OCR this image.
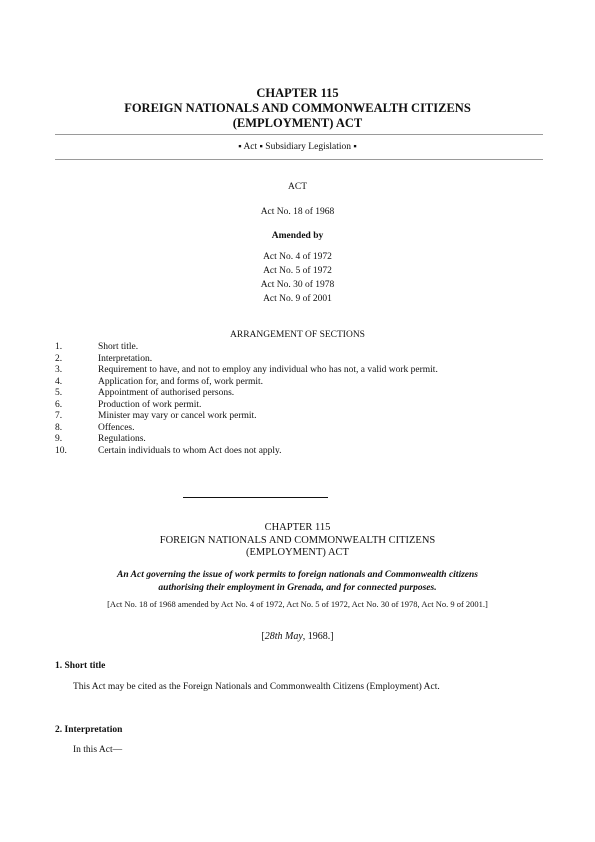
CHAPTER 115
FOREIGN NATIONALS AND COMMONWEALTH CITIZENS
(EMPLOYMENT) ACT
▪ Act ▪ Subsidiary Legislation ▪
ACT
Act No. 18 of 1968
Amended by
Act No. 4 of 1972
Act No. 5 of 1972
Act No. 30 of 1978
Act No. 9 of 2001
ARRANGEMENT OF SECTIONS
1.	Short title.
2.	Interpretation.
3.	Requirement to have, and not to employ any individual who has not, a valid work permit.
4.	Application for, and forms of, work permit.
5.	Appointment of authorised persons.
6.	Production of work permit.
7.	Minister may vary or cancel work permit.
8.	Offences.
9.	Regulations.
10.	Certain individuals to whom Act does not apply.
CHAPTER 115
FOREIGN NATIONALS AND COMMONWEALTH CITIZENS
(EMPLOYMENT) ACT
An Act governing the issue of work permits to foreign nationals and Commonwealth citizens authorising their employment in Grenada, and for connected purposes.
[Act No. 18 of 1968 amended by Act No. 4 of 1972, Act No. 5 of 1972, Act No. 30 of 1978, Act No. 9 of 2001.]
[28th May, 1968.]
1. Short title
This Act may be cited as the Foreign Nationals and Commonwealth Citizens (Employment) Act.
2. Interpretation
In this Act—
